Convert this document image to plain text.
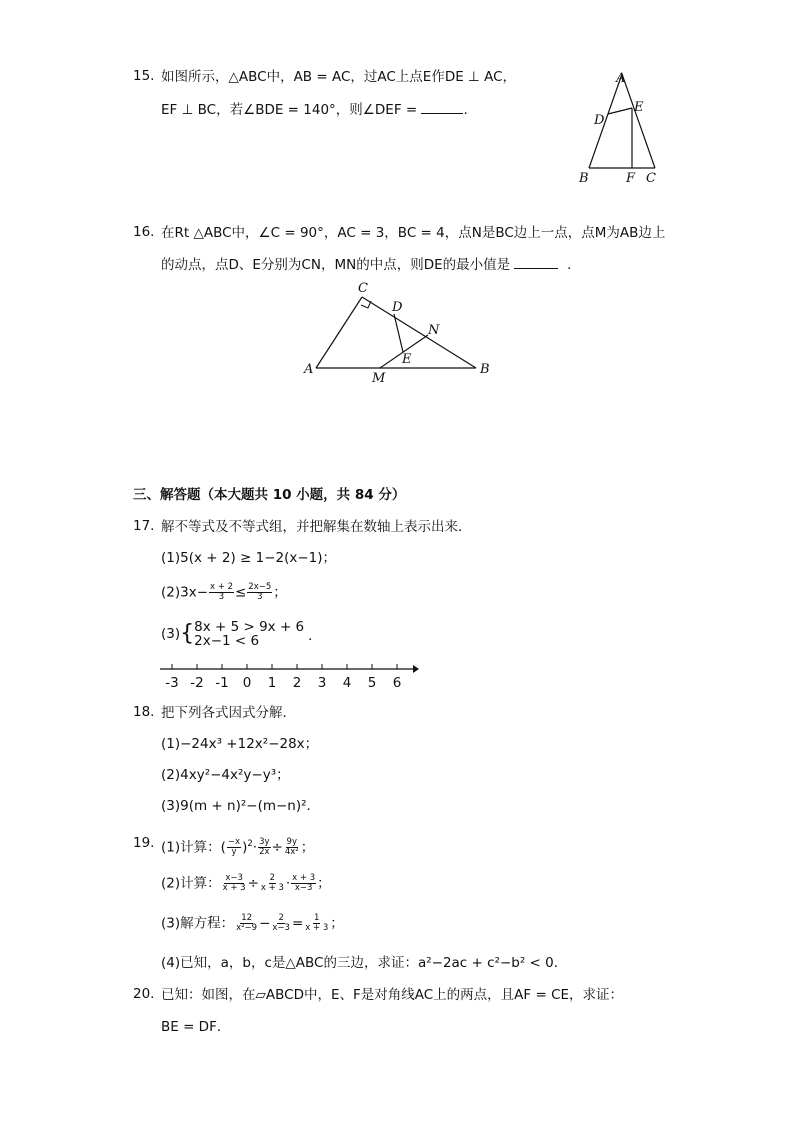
15. 如图所示，△ABC中，AB = AC，过AC上点E作DE ⊥ AC，
EF ⊥ BC，若∠BDE = 140°，则∠DEF =	.
A
D
E
B	F C
16. 在Rt △ABC中，∠C = 90°，AC = 3，BC = 4，点N是BC边上一点，点M为AB边上
的动点，点D、E分别为CN，MN的中点，则DE的最小值是	.
C
D
N
E
A
M
B
三、解答题（本大题共 10 小题，共 84 分）
17. 解不等式及不等式组，并把解集在数轴上表示出来．
(1)5(x + 2) ≥ 1−2(x−1)；
$(2)3x- \frac{x + 2}{3} \le \frac{2x-5}{3}$ ；
(3) { 8x + 5 > 9x + 6
2x−1 < 6	．
-3 -2 -1 0 1 2 3 4 5 6
18. 把下列各式因式分解．
(1)−24x³ +12x²−28x；
(2)4xy²−4x²y−y³；
(3)9(m + n)²−(m−n)²．
19. (1)计算：( $\frac{-x}{y} )^2\cdot \frac{3y}{2x} \div \frac{9y}{\text{4x²}}$ ；
(2)计算： $\frac{x-3}{x + 3} \div \frac{2}{x + 3} \cdot \frac{x + 3}{x-3}$ ；
(3)解方程： $\frac{12}{\text{x²−9}} - \frac{2}{x-3} = \frac{1}{x + 3}$ ；
(4)已知，a，b，c是△ABC的三边，求证：a²−2ac + c²−b² < 0．
20. 已知：如图，在▱ABCD中，E、F是对角线AC上的两点，且AF = CE，求证：
BE = DF．
